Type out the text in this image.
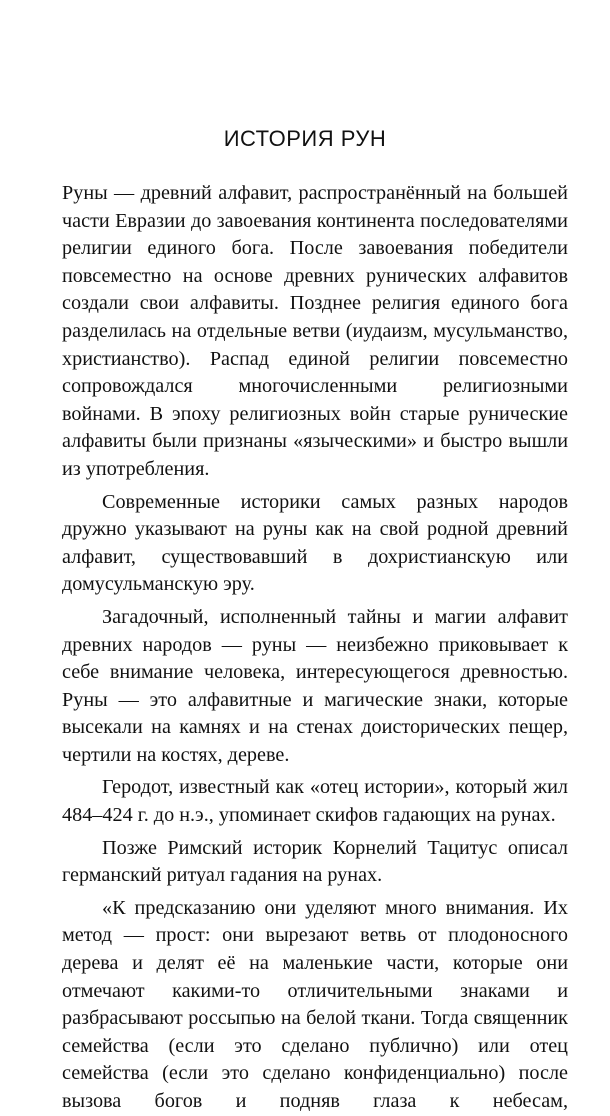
ИСТОРИЯ РУН

Руны — древний алфавит, распространённый на большей части Евразии до завоевания континента последователями религии единого бога. После завоевания победители повсеместно на основе древних рунических алфавитов создали свои алфавиты. Позднее религия единого бога разделилась на отдельные ветви (иудаизм, мусульманство, христианство). Распад единой религии повсеместно сопровождался многочисленными религиозными войнами. В эпоху религиозных войн старые рунические алфавиты были признаны «языческими» и быстро вышли из употребления.

Современные историки самых разных народов дружно указывают на руны как на свой родной древний алфавит, существовавший в дохристианскую или домусульманскую эру.

Загадочный, исполненный тайны и магии алфавит древних народов — руны — неизбежно приковывает к себе внимание человека, интересующегося древностью. Руны — это алфавитные и магические знаки, которые высекали на камнях и на стенах доисторических пещер, чертили на костях, дереве.

Геродот, известный как «отец истории», который жил 484–424 г. до н.э., упоминает скифов гадающих на рунах.

Позже Римский историк Корнелий Тацитус описал германский ритуал гадания на рунах.

«К предсказанию они уделяют много внимания. Их метод — прост: они вырезают ветвь от плодоносного дерева и делят её на маленькие части, которые они отмечают какими-то отличительными знаками и разбрасывают россыпью на белой ткани. Тогда священник семейства (если это сделано публично) или отец семейства (если это сделано конфиденциально) после вызова богов и подняв глаза к небесам,
